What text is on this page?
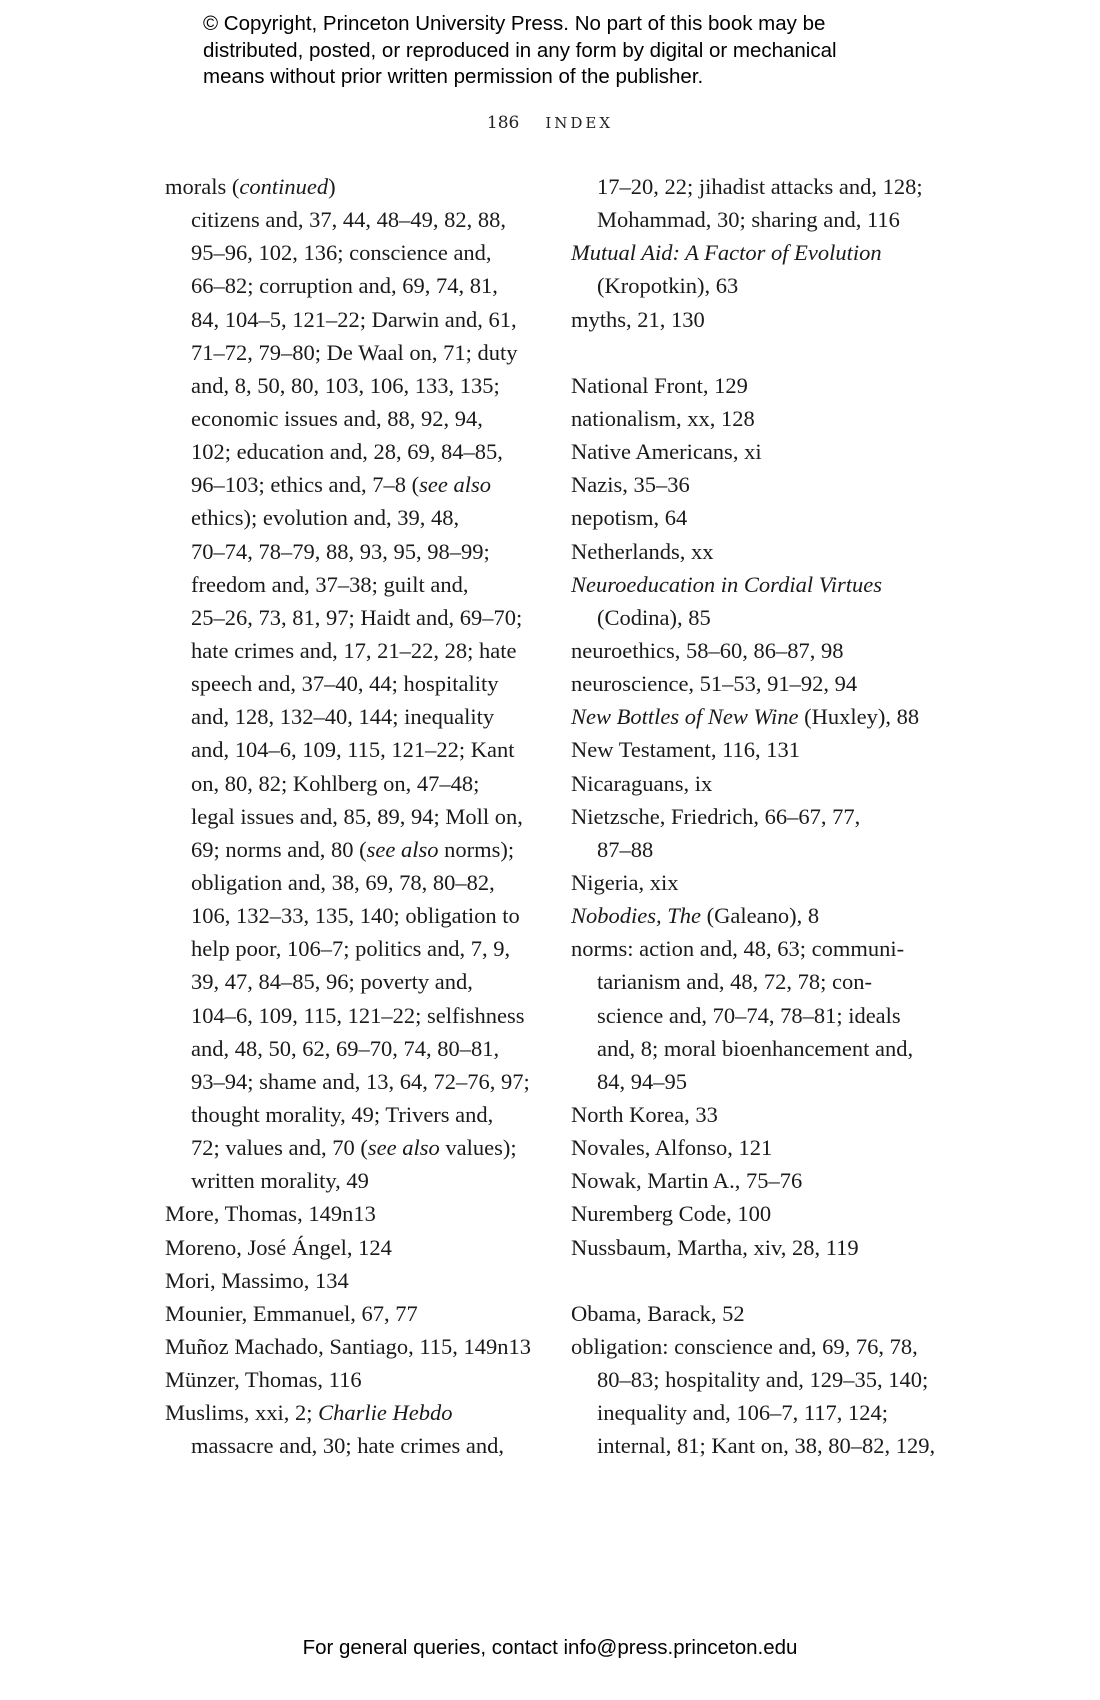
© Copyright, Princeton University Press. No part of this book may be
distributed, posted, or reproduced in any form by digital or mechanical
means without prior written permission of the publisher.
186 INDEX
morals (continued)
citizens and, 37, 44, 48–49, 82, 88,
95–96, 102, 136; conscience and,
66–82; corruption and, 69, 74, 81,
84, 104–5, 121–22; Darwin and, 61,
71–72, 79–80; De Waal on, 71; duty
and, 8, 50, 80, 103, 106, 133, 135;
economic issues and, 88, 92, 94,
102; education and, 28, 69, 84–85,
96–103; ethics and, 7–8 (see also
ethics); evolution and, 39, 48,
70–74, 78–79, 88, 93, 95, 98–99;
freedom and, 37–38; guilt and,
25–26, 73, 81, 97; Haidt and, 69–70;
hate crimes and, 17, 21–22, 28; hate
speech and, 37–40, 44; hospitality
and, 128, 132–40, 144; inequality
and, 104–6, 109, 115, 121–22; Kant
on, 80, 82; Kohlberg on, 47–48;
legal issues and, 85, 89, 94; Moll on,
69; norms and, 80 (see also norms);
obligation and, 38, 69, 78, 80–82,
106, 132–33, 135, 140; obligation to
help poor, 106–7; politics and, 7, 9,
39, 47, 84–85, 96; poverty and,
104–6, 109, 115, 121–22; selfishness
and, 48, 50, 62, 69–70, 74, 80–81,
93–94; shame and, 13, 64, 72–76, 97;
thought morality, 49; Trivers and,
72; values and, 70 (see also values);
written morality, 49
More, Thomas, 149n13
Moreno, José Ángel, 124
Mori, Massimo, 134
Mounier, Emmanuel, 67, 77
Muñoz Machado, Santiago, 115, 149n13
Münzer, Thomas, 116
Muslims, xxi, 2; Charlie Hebdo
massacre and, 30; hate crimes and,
17–20, 22; jihadist attacks and, 128;
Mohammad, 30; sharing and, 116
Mutual Aid: A Factor of Evolution
(Kropotkin), 63
myths, 21, 130
National Front, 129
nationalism, xx, 128
Native Americans, xi
Nazis, 35–36
nepotism, 64
Netherlands, xx
Neuroeducation in Cordial Virtues
(Codina), 85
neuroethics, 58–60, 86–87, 98
neuroscience, 51–53, 91–92, 94
New Bottles of New Wine (Huxley), 88
New Testament, 116, 131
Nicaraguans, ix
Nietzsche, Friedrich, 66–67, 77,
87–88
Nigeria, xix
Nobodies, The (Galeano), 8
norms: action and, 48, 63; communi-
tarianism and, 48, 72, 78; con-
science and, 70–74, 78–81; ideals
and, 8; moral bioenhancement and,
84, 94–95
North Korea, 33
Novales, Alfonso, 121
Nowak, Martin A., 75–76
Nuremberg Code, 100
Nussbaum, Martha, xiv, 28, 119
Obama, Barack, 52
obligation: conscience and, 69, 76, 78,
80–83; hospitality and, 129–35, 140;
inequality and, 106–7, 117, 124;
internal, 81; Kant on, 38, 80–82, 129,
For general queries, contact info@press.princeton.edu
